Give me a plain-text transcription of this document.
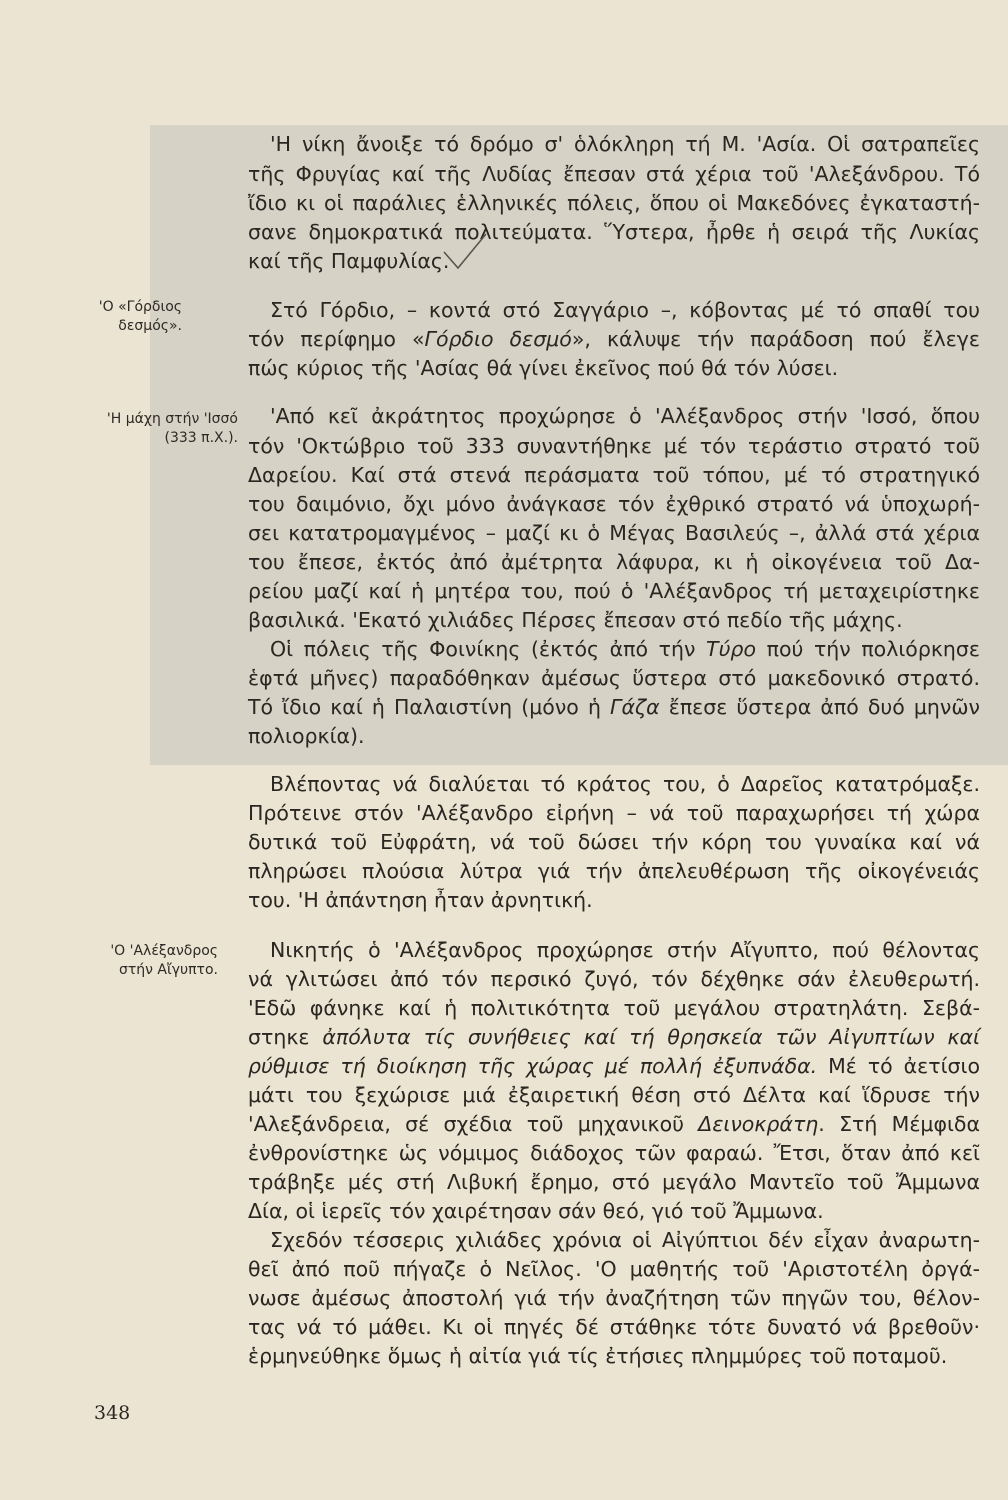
'Ο «Γόρδιος
δεσμός».
'Η μάχη στήν 'Ισσό
(333 π.Χ.).
'Ο 'Αλέξανδρος
στήν Αἴγυπτο.

'Η νίκη ἄνοιξε τό δρόμο σ' ὁλόκληρη τή Μ. 'Ασία. Οἱ σατραπεῖες

τῆς Φρυγίας καί τῆς Λυδίας ἔπεσαν στά χέρια τοῦ 'Αλεξάνδρου. Τό

ἴδιο κι οἱ παράλιες ἑλληνικές πόλεις, ὅπου οἱ Μακεδόνες ἐγκαταστή-

σανε δημοκρατικά πολιτεύματα. Ὕστερα, ἦρθε ἡ σειρά τῆς Λυκίας

καί τῆς Παμφυλίας.

Στό Γόρδιο, – κοντά στό Σαγγάριο –, κόβοντας μέ τό σπαθί του

τόν περίφημο «Γόρδιο δεσμό», κάλυψε τήν παράδοση πού ἔλεγε

πώς κύριος τῆς 'Ασίας θά γίνει ἐκεῖνος πού θά τόν λύσει.

'Από κεῖ ἀκράτητος προχώρησε ὁ 'Αλέξανδρος στήν 'Ισσό, ὅπου

τόν 'Οκτώβριο τοῦ 333 συναντήθηκε μέ τόν τεράστιο στρατό τοῦ

Δαρείου. Καί στά στενά περάσματα τοῦ τόπου, μέ τό στρατηγικό

του δαιμόνιο, ὄχι μόνο ἀνάγκασε τόν ἐχθρικό στρατό νά ὑποχωρή-

σει κατατρομαγμένος – μαζί κι ὁ Μέγας Βασιλεύς –, ἀλλά στά χέρια

του ἔπεσε, ἐκτός ἀπό ἀμέτρητα λάφυρα, κι ἡ οἰκογένεια τοῦ Δα-

ρείου μαζί καί ἡ μητέρα του, πού ὁ 'Αλέξανδρος τή μεταχειρίστηκε

βασιλικά. 'Εκατό χιλιάδες Πέρσες ἔπεσαν στό πεδίο τῆς μάχης.

Οἱ πόλεις τῆς Φοινίκης (ἐκτός ἀπό τήν Τύρο πού τήν πολιόρκησε

ἑφτά μῆνες) παραδόθηκαν ἀμέσως ὕστερα στό μακεδονικό στρατό.

Τό ἴδιο καί ἡ Παλαιστίνη (μόνο ἡ Γάζα ἔπεσε ὕστερα ἀπό δυό μηνῶν

πολιορκία).

Βλέποντας νά διαλύεται τό κράτος του, ὁ Δαρεῖος κατατρόμαξε.

Πρότεινε στόν 'Αλέξανδρο εἰρήνη – νά τοῦ παραχωρήσει τή χώρα

δυτικά τοῦ Εὐφράτη, νά τοῦ δώσει τήν κόρη του γυναίκα καί νά

πληρώσει πλούσια λύτρα γιά τήν ἀπελευθέρωση τῆς οἰκογένειάς

του. 'Η ἀπάντηση ἦταν ἀρνητική.

Νικητής ὁ 'Αλέξανδρος προχώρησε στήν Αἴγυπτο, πού θέλοντας

νά γλιτώσει ἀπό τόν περσικό ζυγό, τόν δέχθηκε σάν ἐλευθερωτή.

'Εδῶ φάνηκε καί ἡ πολιτικότητα τοῦ μεγάλου στρατηλάτη. Σεβά-

στηκε ἀπόλυτα τίς συνήθειες καί τή θρησκεία τῶν Αἰγυπτίων καί

ρύθμισε τή διοίκηση τῆς χώρας μέ πολλή ἐξυπνάδα. Μέ τό ἀετίσιο

μάτι του ξεχώρισε μιά ἐξαιρετική θέση στό Δέλτα καί ἵδρυσε τήν

'Αλεξάνδρεια, σέ σχέδια τοῦ μηχανικοῦ Δεινοκράτη. Στή Μέμφιδα

ἐνθρονίστηκε ὡς νόμιμος διάδοχος τῶν φαραώ. Ἔτσι, ὅταν ἀπό κεῖ

τράβηξε μές στή Λιβυκή ἔρημο, στό μεγάλο Μαντεῖο τοῦ Ἄμμωνα

Δία, οἱ ἱερεῖς τόν χαιρέτησαν σάν θεό, γιό τοῦ Ἄμμωνα.

Σχεδόν τέσσερις χιλιάδες χρόνια οἱ Αἰγύπτιοι δέν εἶχαν ἀναρωτη-

θεῖ ἀπό ποῦ πήγαζε ὁ Νεῖλος. 'Ο μαθητής τοῦ 'Αριστοτέλη ὀργά-

νωσε ἀμέσως ἀποστολή γιά τήν ἀναζήτηση τῶν πηγῶν του, θέλον-

τας νά τό μάθει. Κι οἱ πηγές δέ στάθηκε τότε δυνατό νά βρεθοῦν·

ἑρμηνεύθηκε ὅμως ἡ αἰτία γιά τίς ἐτήσιες πλημμύρες τοῦ ποταμοῦ.

348
